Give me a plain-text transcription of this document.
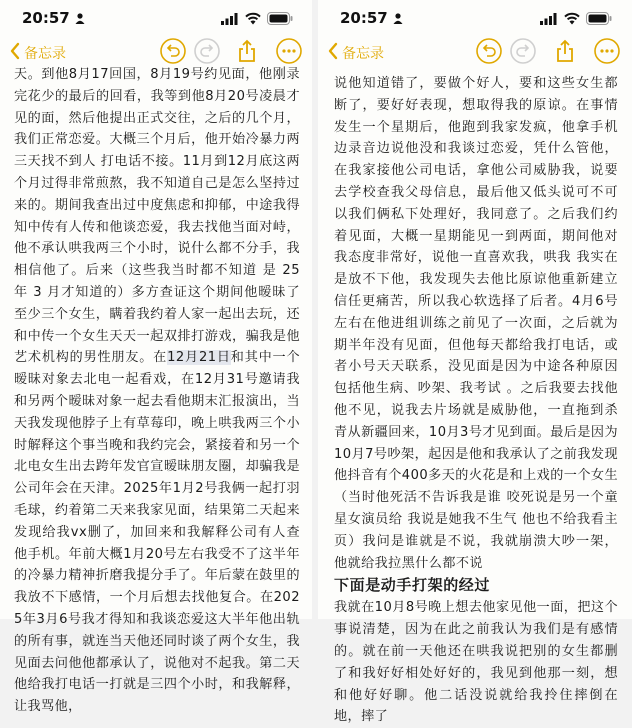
20:57
备忘录

天。到他8月17回国，8月19号约见面，他刚录完花少的最后的回看，我等到他8月20号凌晨才见的面，然后他提出正式交往，之后的几个月，我们正常恋爱。大概三个月后，他开始冷暴力两三天找不到人 打电话不接。11月到12月底这两个月过得非常煎熬，我不知道自己是怎么坚持过来的。期间我查出过中度焦虑和抑郁，中途我得知中传有人传和他谈恋爱，我去找他当面对峙，他不承认哄我两三个小时，说什么都不分手，我相信他了。后来（这些我当时都不知道 是 25 年 3 月才知道的）多方查证这个期间他暧昧了至少三个女生，瞒着我约着人家一起出去玩，还和中传一个女生天天一起双排打游戏，骗我是他艺术机构的男性朋友。在12月21日和其中一个暧昧对象去北电一起看戏，在12月31号邀请我和另两个暧昧对象一起去看他期末汇报演出，当天我发现他脖子上有草莓印，晚上哄我两三个小时解释这个事当晚和我约完会，紧接着和另一个北电女生出去跨年发官宣暧昧朋友圈，却骗我是公司年会在天津。2025年1月2号我俩一起打羽毛球，约着第二天来我家见面，结果第二天起来发现给我vx删了，加回来和我解释公司有人查他手机。年前大概1月20号左右我受不了这半年的冷暴力精神折磨我提分手了。年后蒙在鼓里的我放不下感情，一个月后想去找他复合。在2025年3月6号我才得知和我谈恋爱这大半年他出轨的所有事，就连当天他还同时谈了两个女生，我见面去问他他都承认了，说他对不起我。第二天他给我打电话一打就是三四个小时，和我解释，让我骂他，

20:57
备忘录

说他知道错了，要做个好人，要和这些女生都断了，要好好表现，想取得我的原谅。在事情发生一个星期后，他跑到我家发疯，他拿手机边录音边说他没和我谈过恋爱，凭什么管他，在我家接他公司电话，拿他公司威胁我，说要去学校查我父母信息，最后他又低头说可不可以我们俩私下处理好，我同意了。之后我们约着见面，大概一星期能见一到两面，期间他对我态度非常好，说他一直喜欢我，哄我 我实在是放不下他，我发现失去他比原谅他重新建立信任更痛苦，所以我心软选择了后者。4月6号左右在他进组训练之前见了一次面，之后就为期半年没有见面，但他每天都给我打电话，或者小号天天联系，没见面是因为中途各种原因包括他生病、吵架、我考试 。之后我要去找他他不见，说我去片场就是威胁他，一直拖到杀青从新疆回来，10月3号才见到面。最后是因为10月7号吵架，起因是他和我承认了之前我发现他抖音有个400多天的火花是和上戏的一个女生（当时他死活不告诉我是谁 咬死说是另一个童星女演员给 我说是她我不生气 他也不给我看主页）我问是谁就是不说，我就崩溃大吵一架，他就给我拉黑什么都不说

下面是动手打架的经过

我就在10月8号晚上想去他家见他一面，把这个事说清楚，因为在此之前我认为我们是有感情的。就在前一天他还在哄我说把别的女生都删了和我好好相处好好的，我见到他那一刻，想和他好好聊。他二话没说就给我拎住摔倒在地，摔了
